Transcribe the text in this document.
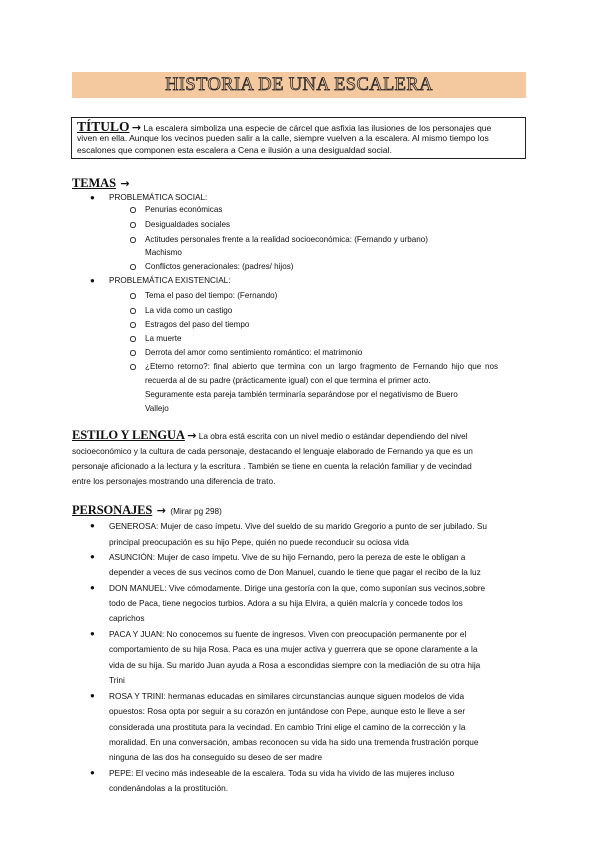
HISTORIA DE UNA ESCALERA
TÍTULO → La escalera simboliza una especie de cárcel que asfixia las ilusiones de los personajes que
viven en ella. Aunque los vecinos pueden salir a la calle, siempre vuelven a la escalera. Al mismo tiempo los
escalones que componen esta escalera a Cena e ilusión a una desigualdad social.
TEMAS →
● PROBLEMÁTICA SOCIAL:
Penurias económicas
Desigualdades sociales
Actitudes personales frente a la realidad socioeconómica: (Fernando y urbano)
Machismo
Conflictos generacionales: (padres/ hijos)
● PROBLEMÁTICA EXISTENCIAL:
Tema el paso del tiempo: (Fernando)
La vida como un castigo
Estragos del paso del tiempo
La muerte
Derrota del amor como sentimiento romántico: el matrimonio
¿Eterno retorno?: final abierto que termina con un largo fragmento de Fernando hijo que nos
recuerda al de su padre (prácticamente igual) con el que termina el primer acto.
Seguramente esta pareja también terminaría separándose por el negativismo de Buero
Vallejo
ESTILO Y LENGUA → La obra está escrita con un nivel medio o estándar dependiendo del nivel
socioeconómico y la cultura de cada personaje, destacando el lenguaje elaborado de Fernando ya que es un
personaje aficionado a la lectura y la escritura . También se tiene en cuenta la relación familiar y de vecindad
entre los personajes mostrando una diferencia de trato.
PERSONAJES → (Mirar pg 298)
● GENEROSA: Mujer de caso ímpetu. Vive del sueldo de su marido Gregorio a punto de ser jubilado. Su
principal preocupación es su hijo Pepe, quién no puede reconducir su ociosa vida
● ASUNCIÓN: Mujer de caso ímpetu. Vive de su hijo Fernando, pero la pereza de este le obligan a
depender a veces de sus vecinos como de Don Manuel, cuando le tiene que pagar el recibo de la luz
● DON MANUEL: Vive cómodamente. Dirige una gestoría con la que, como suponían sus vecinos,sobre
todo de Paca, tiene negocios turbios. Adora a su hija Elvira, a quién malcría y concede todos los
caprichos
● PACA Y JUAN: No conocemos su fuente de ingresos. Viven con preocupación permanente por el
comportamiento de su hija Rosa. Paca es una mujer activa y guerrera que se opone claramente a la
vida de su hija. Su marido Juan ayuda a Rosa a escondidas siempre con la mediación de su otra hija
Trini
● ROSA Y TRINI: hermanas educadas en similares circunstancias aunque siguen modelos de vida
opuestos: Rosa opta por seguir a su corazón en juntándose con Pepe, aunque esto le lleve a ser
considerada una prostituta para la vecindad. En cambio Trini elige el camino de la corrección y la
moralidad. En una conversación, ambas reconocen su vida ha sido una tremenda frustración porque
ninguna de las dos ha conseguido su deseo de ser madre
● PEPE: El vecino más indeseable de la escalera. Toda su vida ha vivido de las mujeres incluso
condenándolas a la prostitución.
